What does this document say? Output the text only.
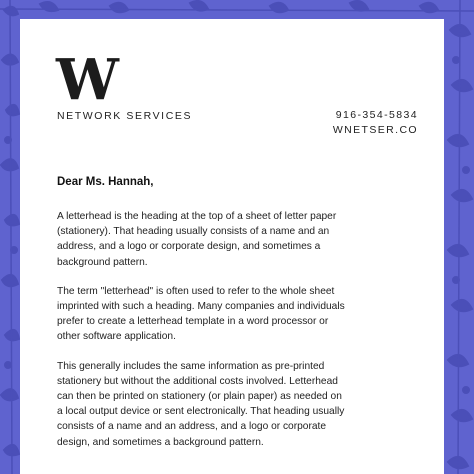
W
NETWORK SERVICES	916-354-5834
WNETSER.CO
Dear Ms. Hannah,

A letterhead is the heading at the top of a sheet of letter paper (stationery). That heading usually consists of a name and an address, and a logo or corporate design, and sometimes a background pattern.

The term "letterhead" is often used to refer to the whole sheet imprinted with such a heading. Many companies and individuals prefer to create a letterhead template in a word processor or other software application.

This generally includes the same information as pre-printed stationery but without the additional costs involved. Letterhead can then be printed on stationery (or plain paper) as needed on a local output device or sent electronically. That heading usually consists of a name and an address, and a logo or corporate design, and sometimes a background pattern.
